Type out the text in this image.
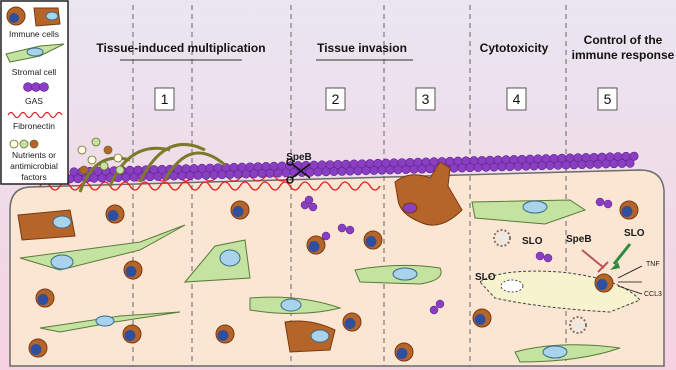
Tissue-induced multiplication	Tissue invasion	Cytotoxicity
Control of the
immune response
1	2	3	4	5
SpeB
SLO
SLO
SLO
SpeB
TNF
CCL3
Immune cells
Stromal cell
GAS
Fibronectin
Nutrients or
antimicrobial
factors
